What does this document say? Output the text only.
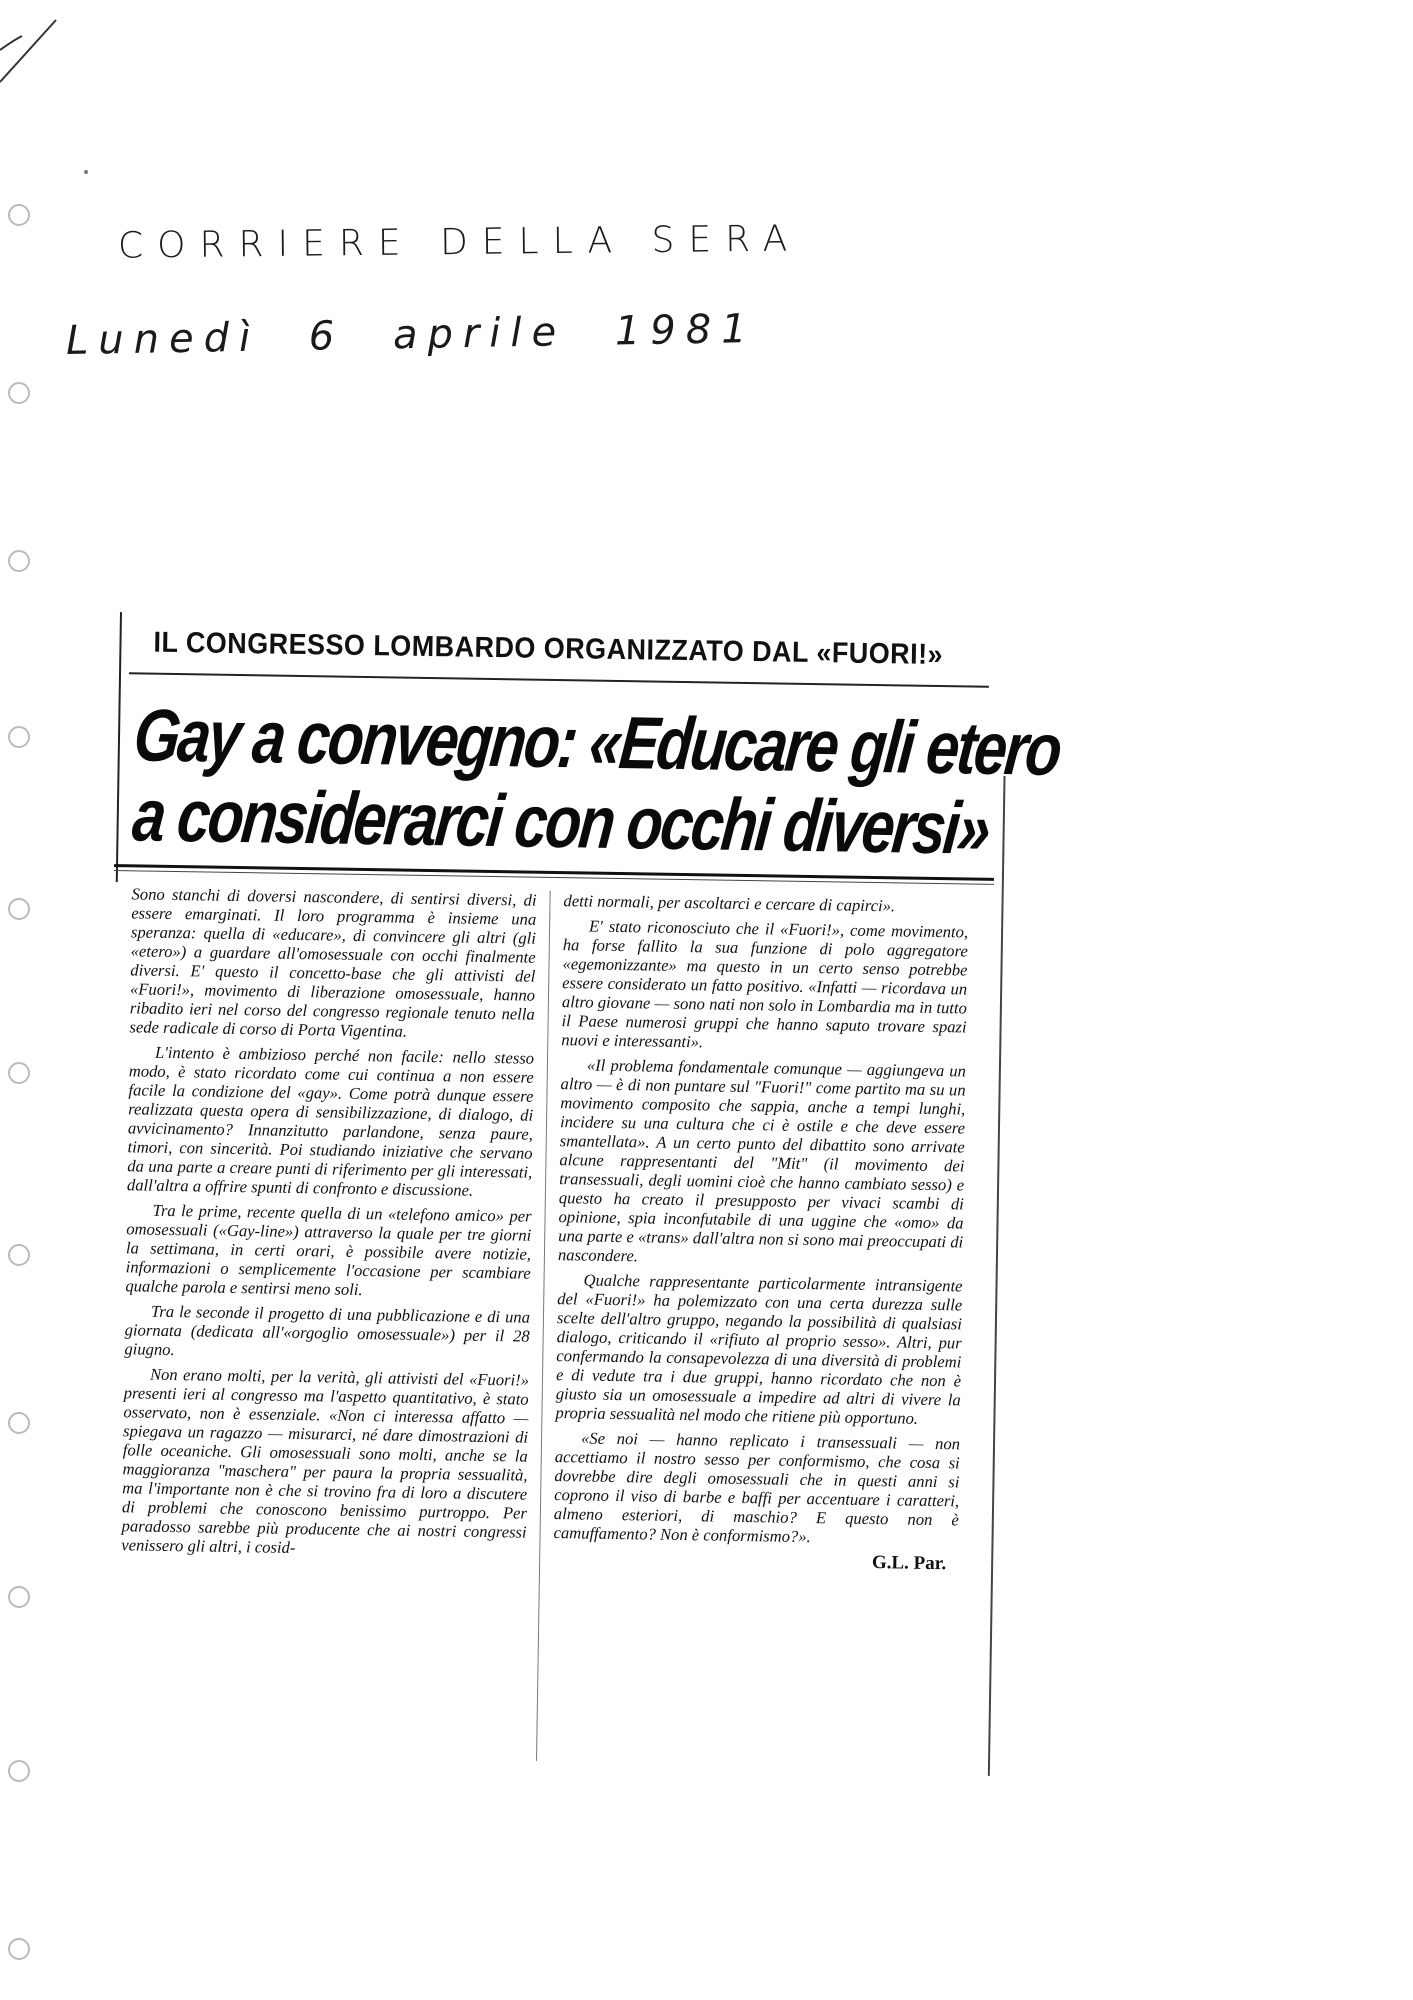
CORRIERE DELLA SERA
Lunedì 6 aprile 1981
IL CONGRESSO LOMBARDO ORGANIZZATO DAL «FUORI!»
Gay a convegno: «Educare gli etero
a considerarci con occhi diversi»

Sono stanchi di doversi nascondere, di sentirsi diversi, di essere emarginati. Il loro programma è insieme una speranza: quella di «educare», di convincere gli altri (gli «etero») a guardare all'omosessuale con occhi finalmente diversi. E' questo il concetto-base che gli attivisti del «Fuori!», movimento di liberazione omosessuale, hanno ribadito ieri nel corso del congresso regionale tenuto nella sede radicale di corso di Porta Vigentina.

L'intento è ambizioso perché non facile: nello stesso modo, è stato ricordato come cui continua a non essere facile la condizione del «gay». Come potrà dunque essere realizzata questa opera di sensibilizzazione, di dialogo, di avvicinamento? Innanzitutto parlandone, senza paure, timori, con sincerità. Poi studiando iniziative che servano da una parte a creare punti di riferimento per gli interessati, dall'altra a offrire spunti di confronto e discussione.

Tra le prime, recente quella di un «telefono amico» per omosessuali («Gay-line») attraverso la quale per tre giorni la settimana, in certi orari, è possibile avere notizie, informazioni o semplicemente l'occasione per scambiare qualche parola e sentirsi meno soli.

Tra le seconde il progetto di una pubblicazione e di una giornata (dedicata all'«orgoglio omosessuale») per il 28 giugno.

Non erano molti, per la verità, gli attivisti del «Fuori!» presenti ieri al congresso ma l'aspetto quantitativo, è stato osservato, non è essenziale. «Non ci interessa affatto — spiegava un ragazzo — misurarci, né dare dimostrazioni di folle oceaniche. Gli omosessuali sono molti, anche se la maggioranza "maschera" per paura la propria sessualità, ma l'importante non è che si trovino fra di loro a discutere di problemi che conoscono benissimo purtroppo. Per paradosso sarebbe più producente che ai nostri congressi venissero gli altri, i cosid-

detti normali, per ascoltarci e cercare di capirci».

E' stato riconosciuto che il «Fuori!», come movimento, ha forse fallito la sua funzione di polo aggregatore «egemonizzante» ma questo in un certo senso potrebbe essere considerato un fatto positivo. «Infatti — ricordava un altro giovane — sono nati non solo in Lombardia ma in tutto il Paese numerosi gruppi che hanno saputo trovare spazi nuovi e interessanti».

«Il problema fondamentale comunque — aggiungeva un altro — è di non puntare sul "Fuori!" come partito ma su un movimento composito che sappia, anche a tempi lunghi, incidere su una cultura che ci è ostile e che deve essere smantellata». A un certo punto del dibattito sono arrivate alcune rappresentanti del "Mit" (il movimento dei transessuali, degli uomini cioè che hanno cambiato sesso) e questo ha creato il presupposto per vivaci scambi di opinione, spia inconfutabile di una uggine che «omo» da una parte e «trans» dall'altra non si sono mai preoccupati di nascondere.

Qualche rappresentante particolarmente intransigente del «Fuori!» ha polemizzato con una certa durezza sulle scelte dell'altro gruppo, negando la possibilità di qualsiasi dialogo, criticando il «rifiuto al proprio sesso». Altri, pur confermando la consapevolezza di una diversità di problemi e di vedute tra i due gruppi, hanno ricordato che non è giusto sia un omosessuale a impedire ad altri di vivere la propria sessualità nel modo che ritiene più opportuno.

«Se noi — hanno replicato i transessuali — non accettiamo il nostro sesso per conformismo, che cosa si dovrebbe dire degli omosessuali che in questi anni si coprono il viso di barbe e baffi per accentuare i caratteri, almeno esteriori, di maschio? E questo non è camuffamento? Non è conformismo?».

G.L. Par.
